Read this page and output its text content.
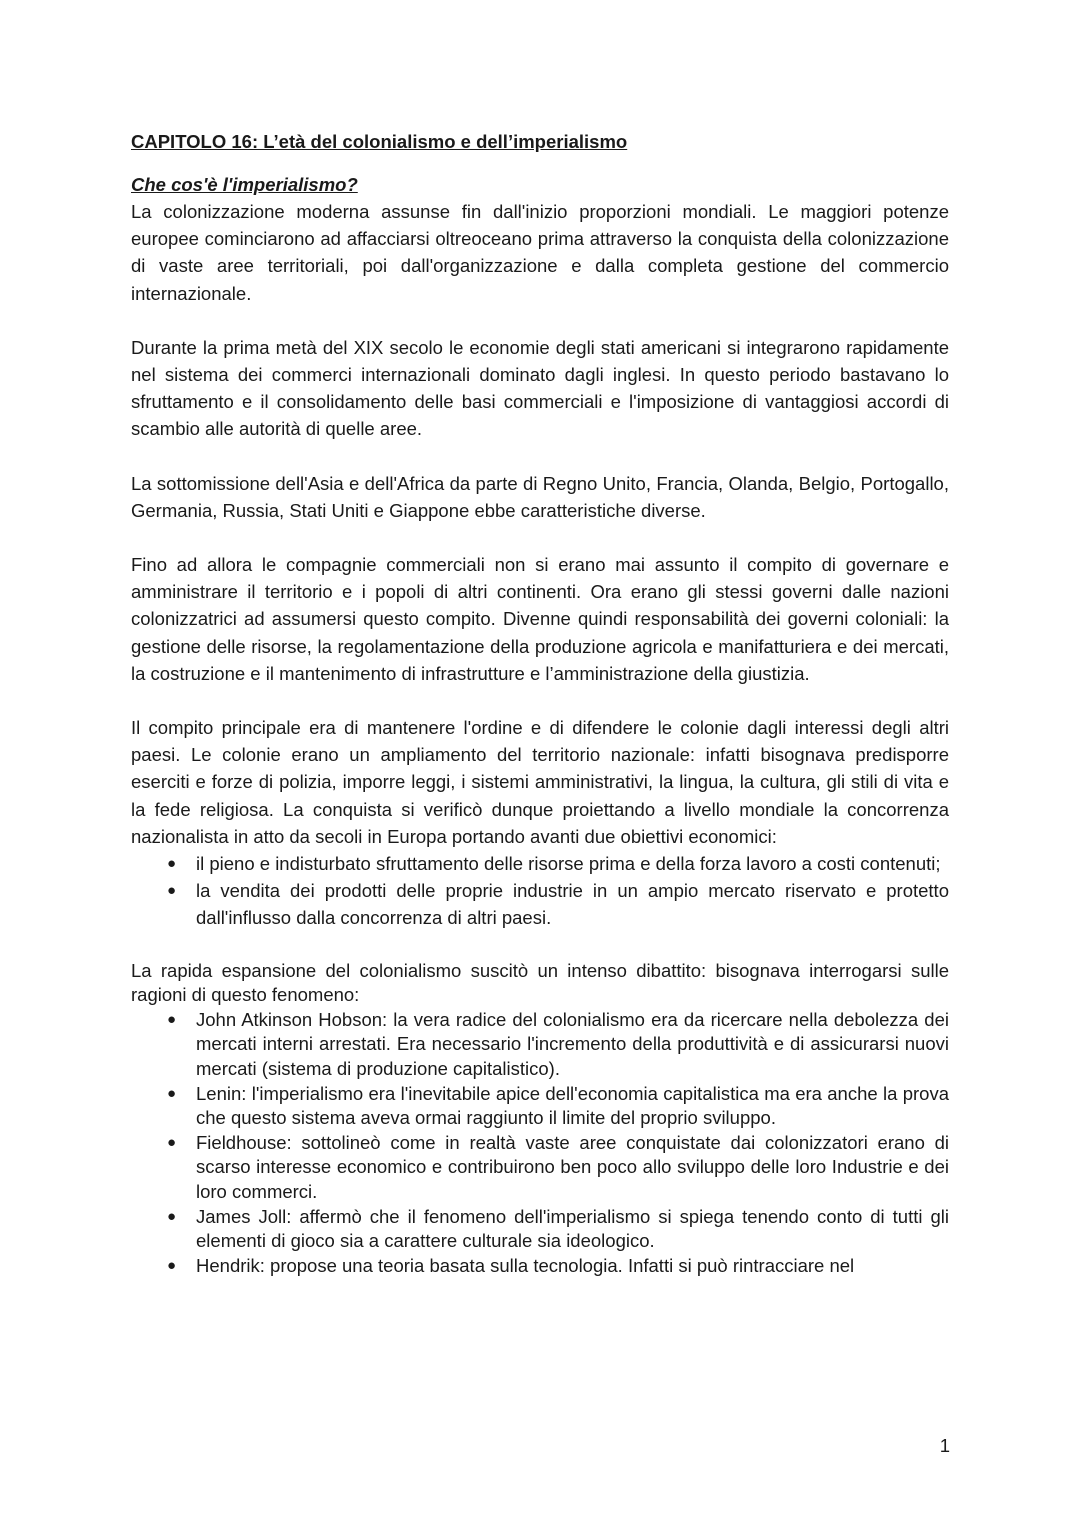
CAPITOLO 16: L’età del colonialismo e dell’imperialismo
Che cos'è l'imperialismo?

La colonizzazione moderna assunse fin dall'inizio proporzioni mondiali. Le maggiori potenze europee cominciarono ad affacciarsi oltreoceano prima attraverso la conquista della colonizzazione di vaste aree territoriali, poi dall'organizzazione e dalla completa gestione del commercio internazionale.

Durante la prima metà del XIX secolo le economie degli stati americani si integrarono rapidamente nel sistema dei commerci internazionali dominato dagli inglesi. In questo periodo bastavano lo sfruttamento e il consolidamento delle basi commerciali e l'imposizione di vantaggiosi accordi di scambio alle autorità di quelle aree.

La sottomissione dell'Asia e dell'Africa da parte di Regno Unito, Francia, Olanda, Belgio, Portogallo, Germania, Russia, Stati Uniti e Giappone ebbe caratteristiche diverse.

Fino ad allora le compagnie commerciali non si erano mai assunto il compito di governare e amministrare il territorio e i popoli di altri continenti. Ora erano gli stessi governi dalle nazioni colonizzatrici ad assumersi questo compito. Divenne quindi responsabilità dei governi coloniali: la gestione delle risorse, la regolamentazione della produzione agricola e manifatturiera e dei mercati, la costruzione e il mantenimento di infrastrutture e l’amministrazione della giustizia.

Il compito principale era di mantenere l'ordine e di difendere le colonie dagli interessi degli altri paesi. Le colonie erano un ampliamento del territorio nazionale: infatti bisognava predisporre eserciti e forze di polizia, imporre leggi, i sistemi amministrativi, la lingua, la cultura, gli stili di vita e la fede religiosa. La conquista si verificò dunque proiettando a livello mondiale la concorrenza nazionalista in atto da secoli in Europa portando avanti due obiettivi economici:

● il pieno e indisturbato sfruttamento delle risorse prima e della forza lavoro a costi contenuti;
● la vendita dei prodotti delle proprie industrie in un ampio mercato riservato e protetto dall'influsso dalla concorrenza di altri paesi.

La rapida espansione del colonialismo suscitò un intenso dibattito: bisognava interrogarsi sulle ragioni di questo fenomeno:

● John Atkinson Hobson: la vera radice del colonialismo era da ricercare nella debolezza dei mercati interni arrestati. Era necessario l'incremento della produttività e di assicurarsi nuovi mercati (sistema di produzione capitalistico).
● Lenin: l'imperialismo era l'inevitabile apice dell'economia capitalistica ma era anche la prova che questo sistema aveva ormai raggiunto il limite del proprio sviluppo.
● Fieldhouse: sottolineò come in realtà vaste aree conquistate dai colonizzatori erano di scarso interesse economico e contribuirono ben poco allo sviluppo delle loro Industrie e dei loro commerci.
● James Joll: affermò che il fenomeno dell'imperialismo si spiega tenendo conto di tutti gli elementi di gioco sia a carattere culturale sia ideologico.
● Hendrik: propose una teoria basata sulla tecnologia. Infatti si può rintracciare nel
1
